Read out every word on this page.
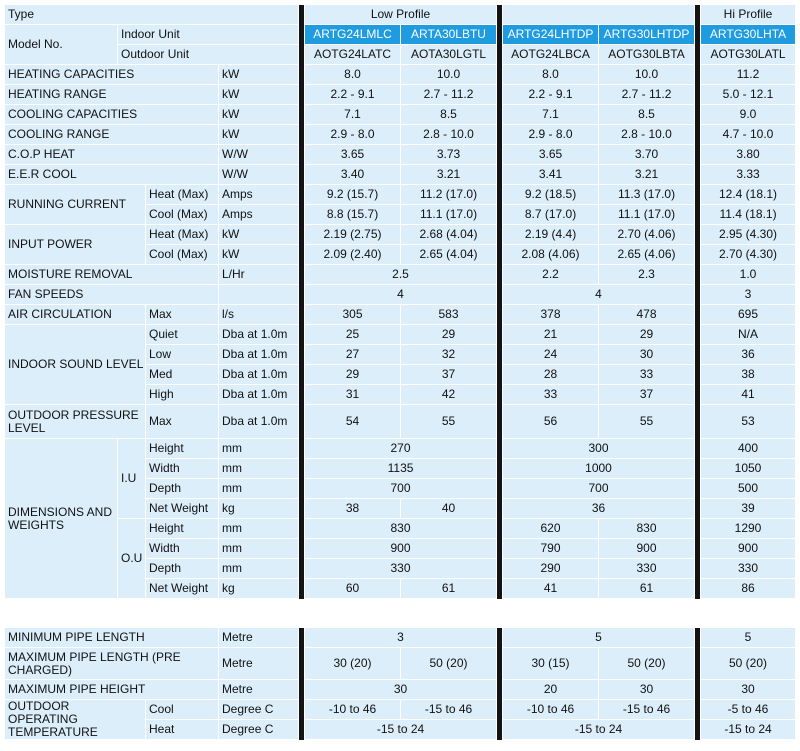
Type					Low Profile						Hi Profile
Model No.	Indoor Unit				ARTG24LMLC	ARTA30LBTU		ARTG24LHTDP	ARTG30LHTDP		ARTG30LHTA
	Outdoor Unit				AOTG24LATC	AOTA30LGTL		AOTG24LBCA	AOTG30LBTA		AOTG30LATL
HEATING CAPACITIES			kW		8.0	10.0		8.0	10.0		11.2
HEATING RANGE			kW		2.2 - 9.1	2.7 - 11.2		2.2 - 9.1	2.7 - 11.2		5.0 - 12.1
COOLING CAPACITIES			kW		7.1	8.5		7.1	8.5		9.0
COOLING RANGE			kW		2.9 - 8.0	2.8 - 10.0		2.9 - 8.0	2.8 - 10.0		4.7 - 10.0
C.O.P HEAT			W/W		3.65	3.73		3.65	3.70		3.80
E.E.R COOL			W/W		3.40	3.21		3.41	3.21		3.33
RUNNING CURRENT		Heat (Max)	Amps		9.2 (15.7)	11.2 (17.0)		9.2 (18.5)	11.3 (17.0)		12.4 (18.1)
		Cool (Max)	Amps		8.8 (15.7)	11.1 (17.0)		8.7 (17.0)	11.1 (17.0)		11.4 (18.1)
INPUT POWER		Heat (Max)	kW		2.19 (2.75)	2.68 (4.04)		2.19 (4.4)	2.70 (4.06)		2.95 (4.30)
		Cool (Max)	kW		2.09 (2.40)	2.65 (4.04)		2.08 (4.06)	2.65 (4.06)		2.70 (4.30)
MOISTURE REMOVAL			L/Hr		2.5			2.2	2.3		1.0
FAN SPEEDS					4			4			3
AIR CIRCULATION		Max	l/s		305	583		378	478		695
INDOOR SOUND LEVEL		Quiet	Dba at 1.0m		25	29		21	29		N/A
		Low	Dba at 1.0m		27	32		24	30		36
		Med	Dba at 1.0m		29	37		28	33		38
		High	Dba at 1.0m		31	42		33	37		41
OUTDOOR PRESSURE LEVEL		Max	Dba at 1.0m		54	55		56	55		53
DIMENSIONS AND WEIGHTS	I.U	Height	mm		270			300			400
		Width	mm		1135			1000			1050
		Depth	mm		700			700			500
		Net Weight	kg		38	40		36			39
	O.U	Height	mm		830			620	830		1290
		Width	mm		900			790	900		900
		Depth	mm		330			290	330		330
		Net Weight	kg		60	61		41	61		86
MINIMUM PIPE LENGTH		Metre		3			5			5
MAXIMUM PIPE LENGTH (PRE CHARGED)		Metre		30 (20)	50 (20)		30 (15)	50 (20)		50 (20)
MAXIMUM PIPE HEIGHT		Metre		30			20	30		30
OUTDOOR OPERATING TEMPERATURE	Cool	Degree C		-10 to 46	-15 to 46		-10 to 46	-15 to 46		-5 to 46
	Heat	Degree C		-15 to 24			-15 to 24			-15 to 24
